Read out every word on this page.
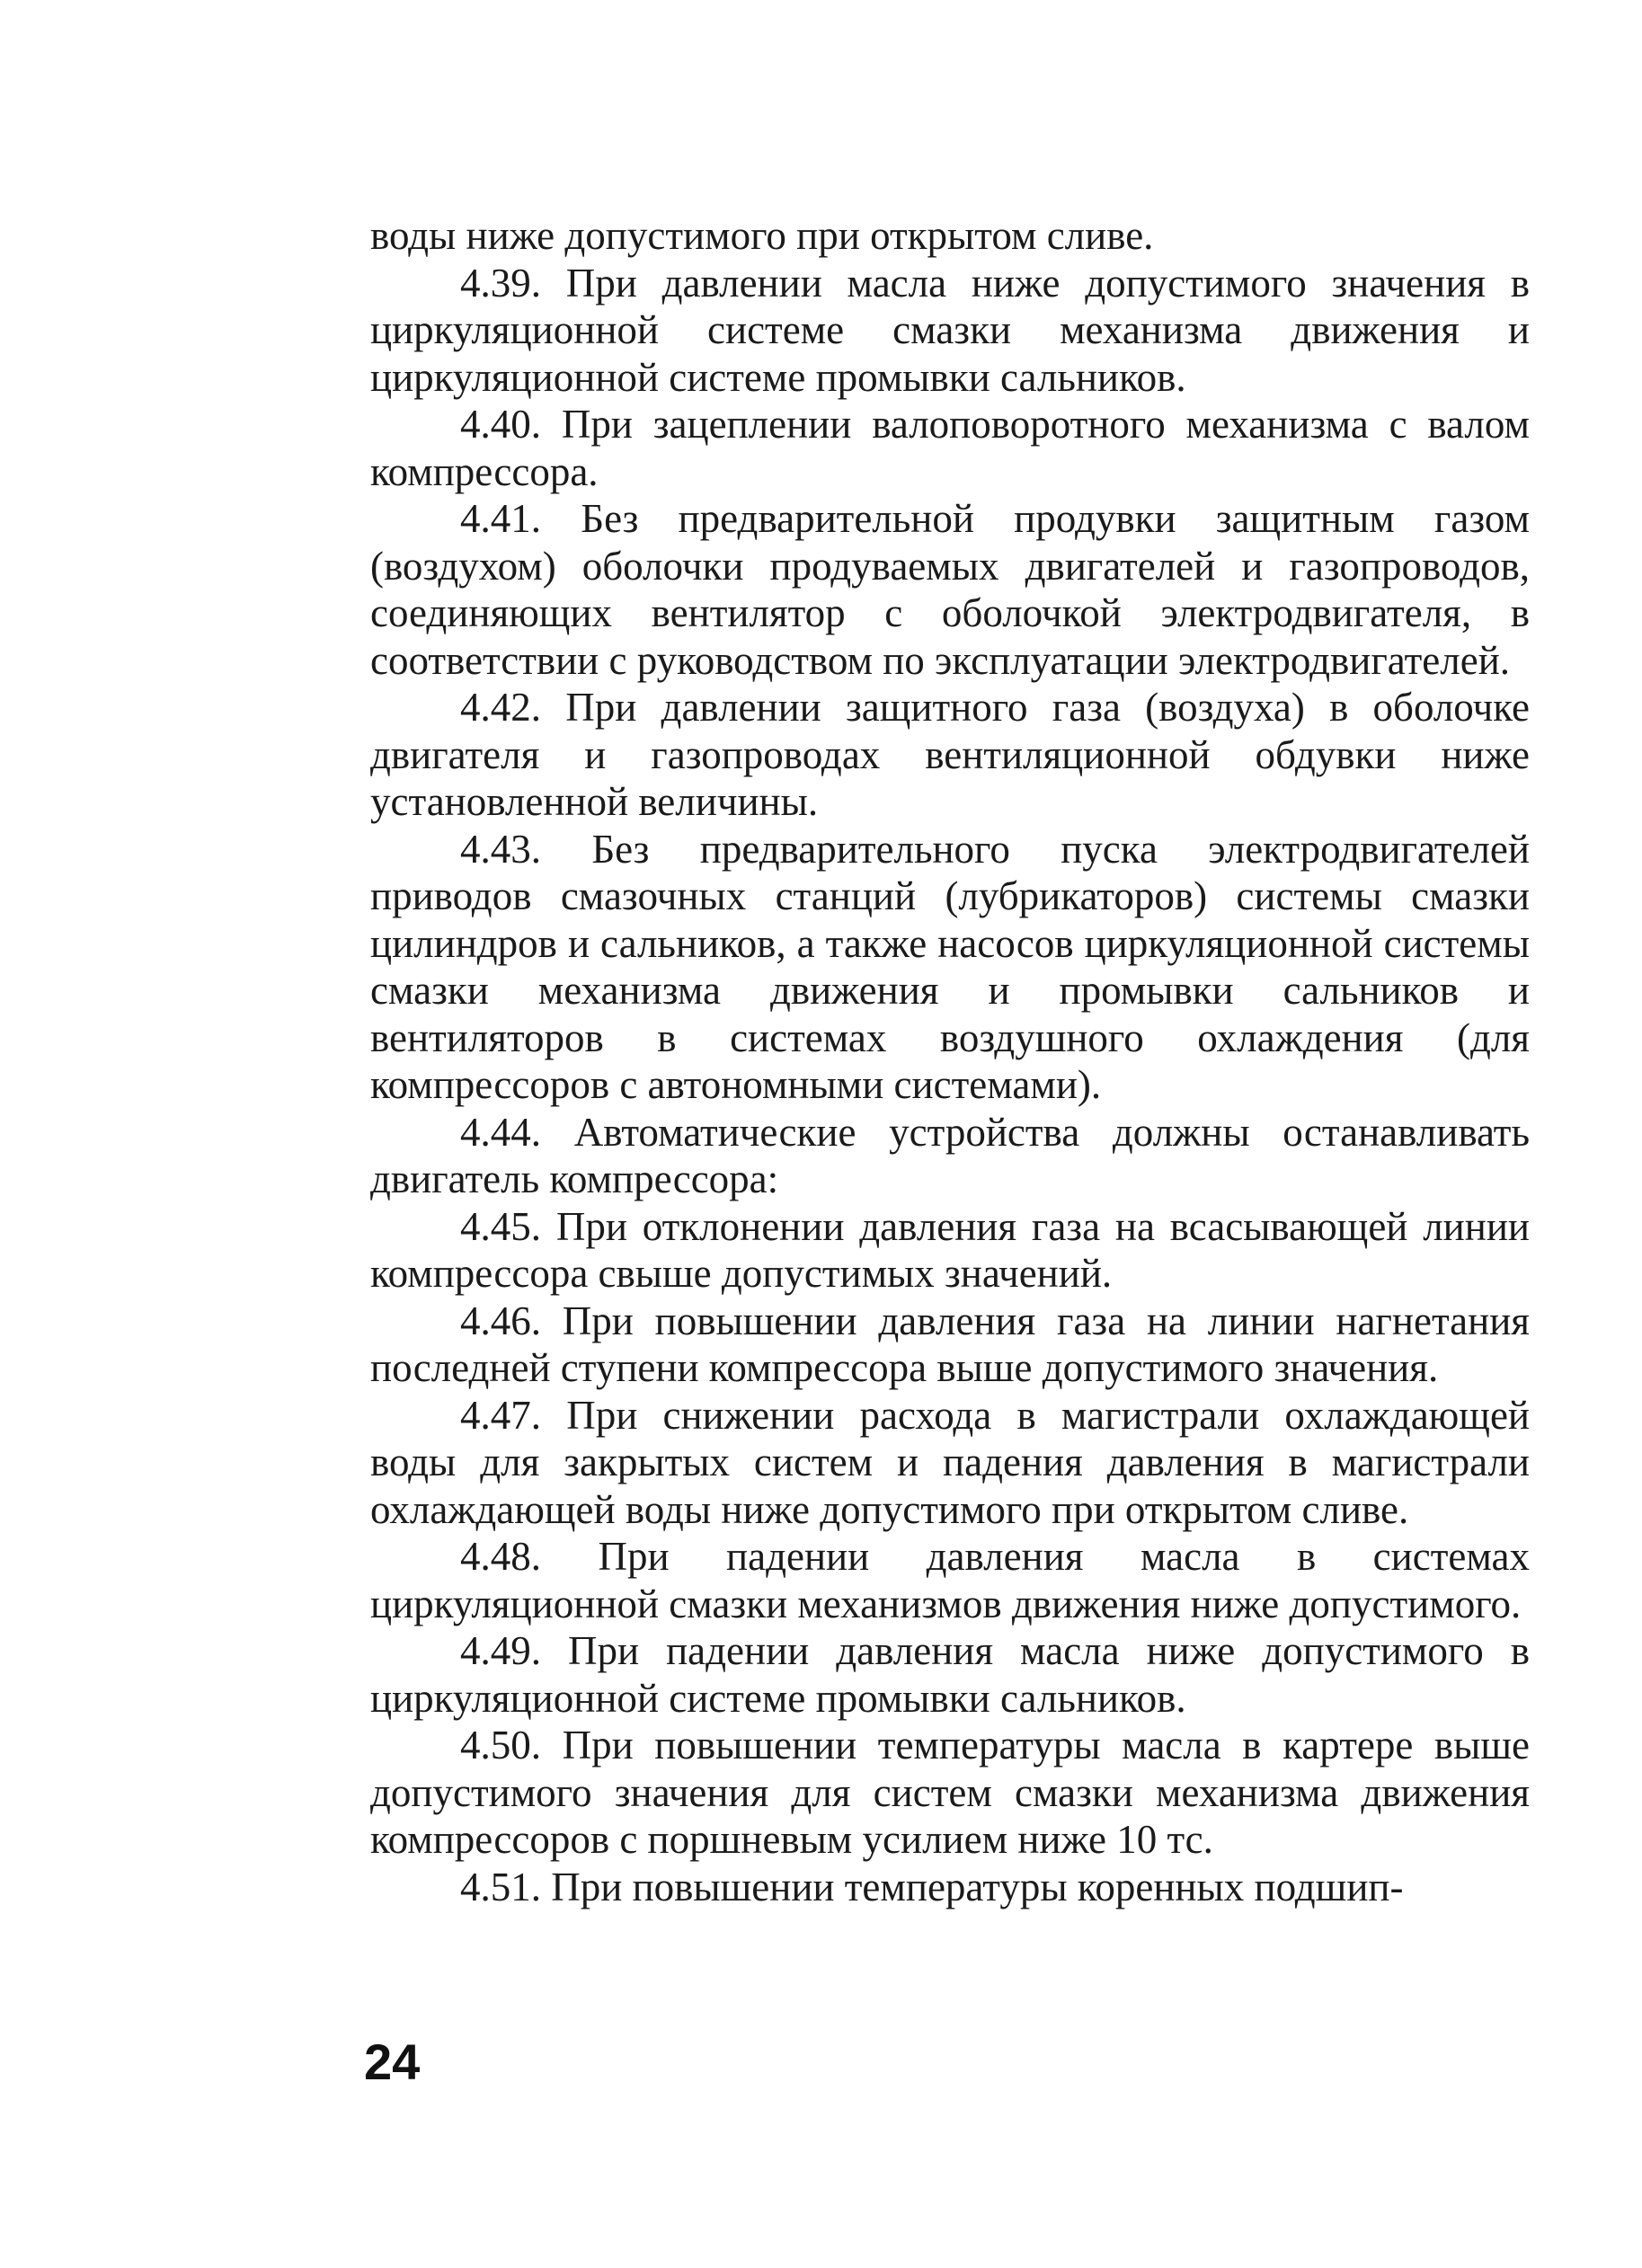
воды ниже допустимого при открытом сливе.

4.39. При давлении масла ниже допустимого значения в циркуляционной системе смазки механизма движения и циркуляционной системе промывки сальников.

4.40. При зацеплении валоповоротного механизма с валом компрессора.

4.41. Без предварительной продувки защитным газом (воздухом) оболочки продуваемых двигателей и газопроводов, соединяющих вентилятор с оболочкой электродвигателя, в соответствии с руководством по эксплуатации электродвигателей.

4.42. При давлении защитного газа (воздуха) в оболочке двигателя и газопроводах вентиляционной обдувки ниже установленной величины.

4.43. Без предварительного пуска электродвигателей приводов смазочных станций (лубрикаторов) системы смазки цилиндров и сальников, а также насосов циркуляционной системы смазки механизма движения и промывки сальников и вентиляторов в системах воздушного охлаждения (для компрессоров с автономными системами).

4.44. Автоматические устройства должны останавливать двигатель компрессора:

4.45. При отклонении давления газа на всасывающей линии компрессора свыше допустимых значений.

4.46. При повышении давления газа на линии нагнетания последней ступени компрессора выше допустимого значения.

4.47. При снижении расхода в магистрали охлаждающей воды для закрытых систем и падения давления в магистрали охлаждающей воды ниже допустимого при открытом сливе.

4.48. При падении давления масла в системах циркуляционной смазки механизмов движения ниже допустимого.

4.49. При падении давления масла ниже допустимого в циркуляционной системе промывки сальников.

4.50. При повышении температуры масла в картере выше допустимого значения для систем смазки механизма движения компрессоров с поршневым усилием ниже 10 тс.

4.51. При повышении температуры коренных подшип-

24
